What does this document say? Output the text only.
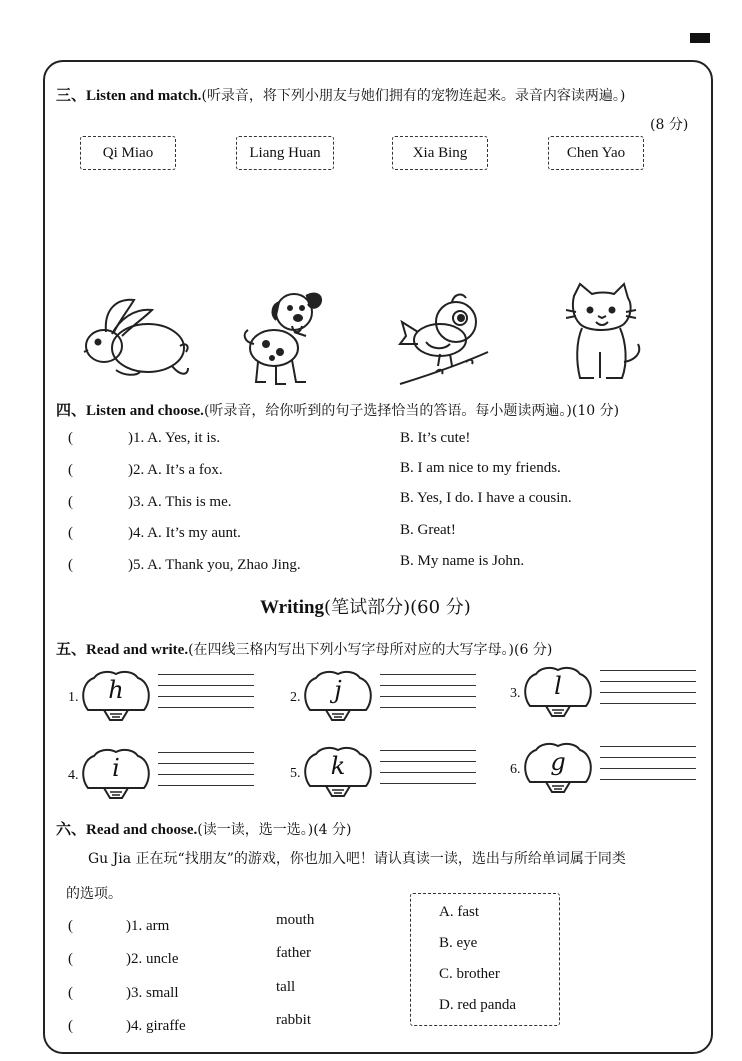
三、Listen and match.(听录音，将下列小朋友与她们拥有的宠物连起来。录音内容读两遍。)
(8 分)
Qi Miao	Liang Huan	Xia Bing	Chen Yao
四、Listen and choose.(听录音，给你听到的句子选择恰当的答语。每小题读两遍。)(10 分)
(	)1. A. Yes, it is.	B. It’s cute!
(	)2. A. It’s a fox.	B. I am nice to my friends.
(	)3. A. This is me.	B. Yes, I do. I have a cousin.
(	)4. A. It’s my aunt.	B. Great!
(	)5. A. Thank you, Zhao Jing.	B. My name is John.
Writing(笔试部分)(60 分)
五、Read and write.(在四线三格内写出下列小写字母所对应的大写字母。)(6 分)
1.	h	2.	j	3.	l
4.	i	5.	k	6.	g
六、Read and choose.(读一读，选一选。)(4 分)
Gu Jia 正在玩“找朋友”的游戏，你也加入吧！请认真读一读，选出与所给单词属于同类
的选项。
(	)1. arm	mouth
(	)2. uncle	father
(	)3. small	tall
(	)4. giraffe	rabbit
A. fast
B. eye
C. brother
D. red panda
